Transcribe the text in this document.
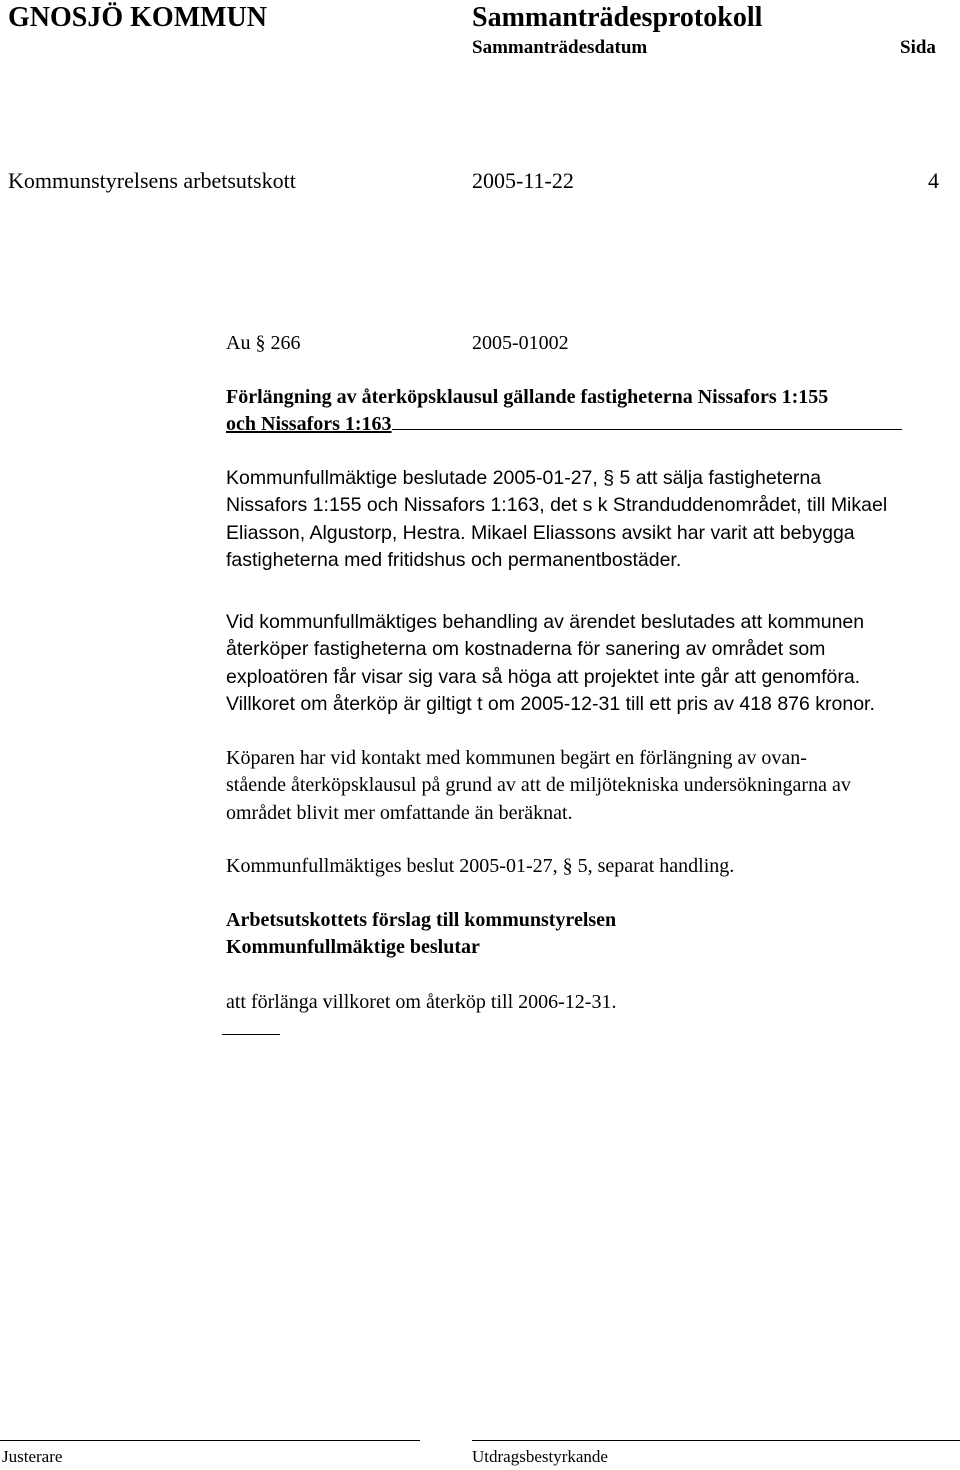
GNOSJÖ KOMMUN	Sammanträdesprotokoll
Sammanträdesdatum	Sida
Kommunstyrelsens arbetsutskott	2005-11-22	4

Au § 266	2005-01002

Förlängning av återköpsklausul gällande fastigheterna Nissafors 1:155
och Nissafors 1:163

Kommunfullmäktige beslutade 2005-01-27, § 5 att sälja fastigheterna
Nissafors 1:155 och Nissafors 1:163, det s k Stranduddenområdet, till Mikael
Eliasson, Algustorp, Hestra. Mikael Eliassons avsikt har varit att bebygga
fastigheterna med fritidshus och permanentbostäder.

Vid kommunfullmäktiges behandling av ärendet beslutades att kommunen
återköper fastigheterna om kostnaderna för sanering av området som
exploatören får visar sig vara så höga att projektet inte går att genomföra.
Villkoret om återköp är giltigt t om 2005-12-31 till ett pris av 418 876 kronor.

Köparen har vid kontakt med kommunen begärt en förlängning av ovan-
stående återköpsklausul på grund av att de miljötekniska undersökningarna av
området blivit mer omfattande än beräknat.

Kommunfullmäktiges beslut 2005-01-27, § 5, separat handling.

Arbetsutskottets förslag till kommunstyrelsen
Kommunfullmäktige beslutar

att förlänga villkoret om återköp till 2006-12-31.

Justerare	Utdragsbestyrkande
